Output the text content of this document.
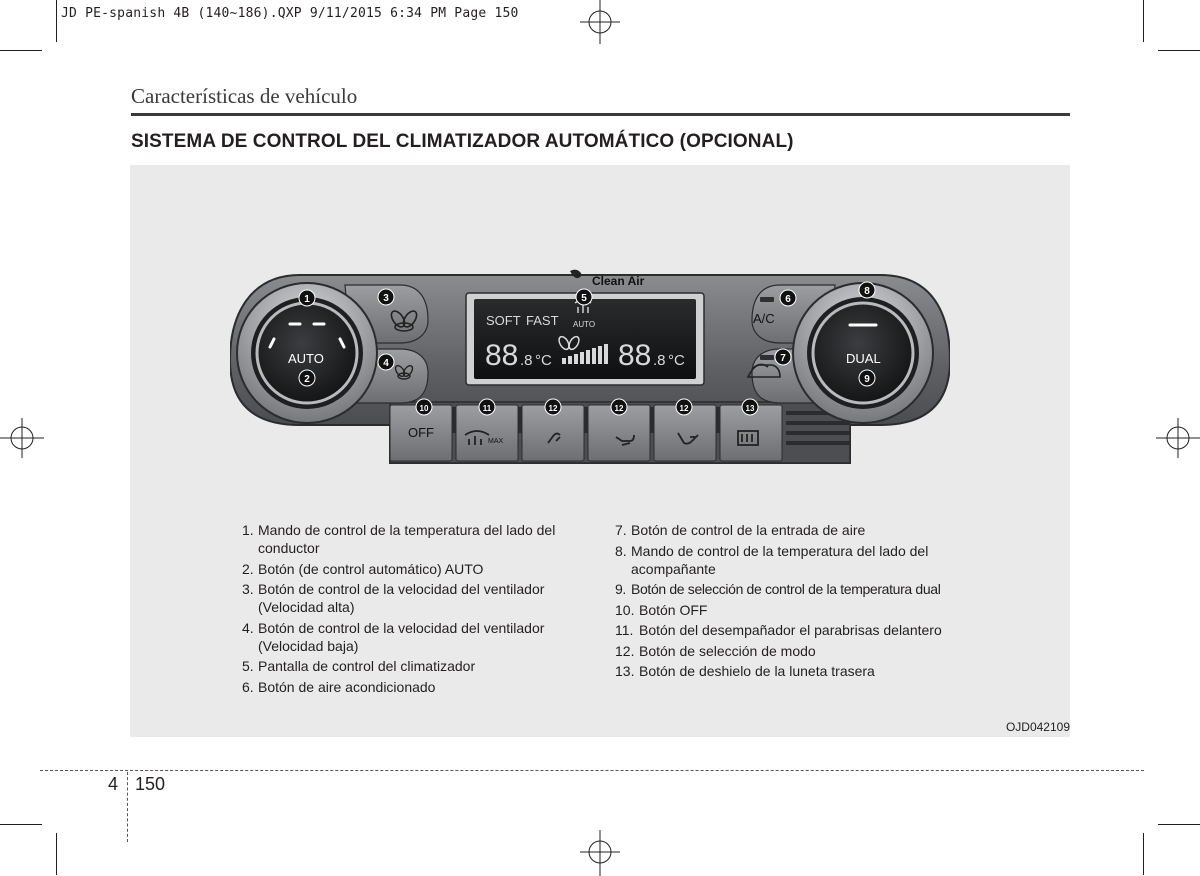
JD PE-spanish 4B (140~186).QXP 9/11/2015 6:34 PM Page 150
Características de vehículo
SISTEMA DE CONTROL DEL CLIMATIZADOR AUTOMÁTICO (OPCIONAL)
Clean Air
SOFT FAST AUTO
88 .8 °C 88 .8 °C
AUTO	DUAL
A/C
OFF
MAX
1
2
3
4
5	6
7
8
9
10	11	12	12	12	13
1. Mando de control de la temperatura del lado del
conductor
2. Botón (de control automático) AUTO
3. Botón de control de la velocidad del ventilador
(Velocidad alta)
4. Botón de control de la velocidad del ventilador
(Velocidad baja)
5. Pantalla de control del climatizador
6. Botón de aire acondicionado
7. Botón de control de la entrada de aire
8. Mando de control de la temperatura del lado del
acompañante
9. Botón de selección de control de la temperatura dual
10. Botón OFF
11. Botón del desempañador el parabrisas delantero
12. Botón de selección de modo
13. Botón de deshielo de la luneta trasera
OJD042109
4 150
